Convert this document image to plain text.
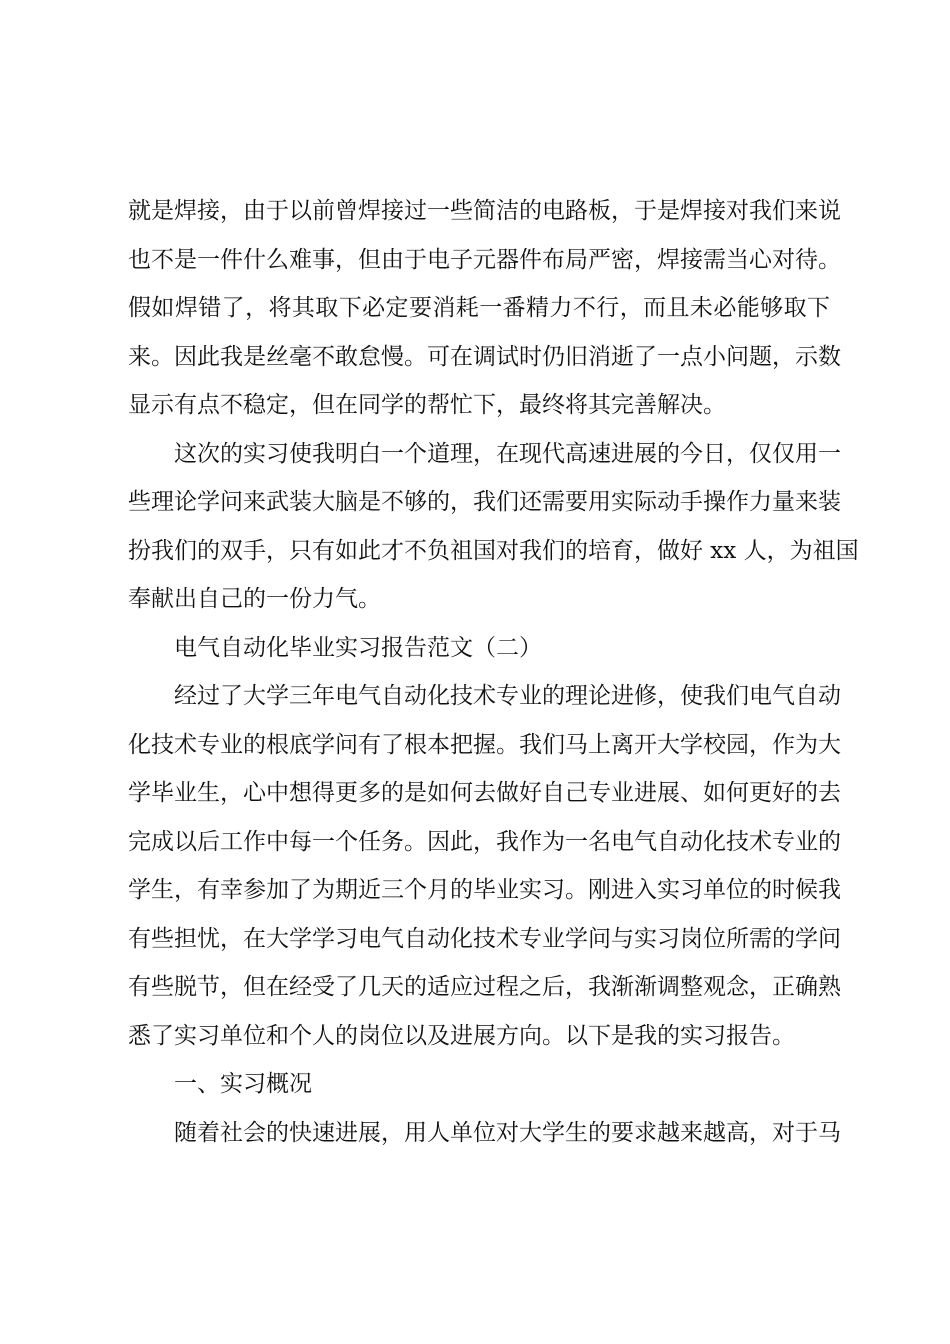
就是焊接，由于以前曾焊接过一些简洁的电路板，于是焊接对我们来说
也不是一件什么难事，但由于电子元器件布局严密，焊接需当心对待。
假如焊错了，将其取下必定要消耗一番精力不行，而且未必能够取下
来。因此我是丝毫不敢怠慢。可在调试时仍旧消逝了一点小问题，示数
显示有点不稳定，但在同学的帮忙下，最终将其完善解决。
这次的实习使我明白一个道理，在现代高速进展的今日，仅仅用一
些理论学问来武装大脑是不够的，我们还需要用实际动手操作力量来装
扮我们的双手，只有如此才不负祖国对我们的培育，做好 xx 人，为祖国
奉献出自己的一份力气。
电气自动化毕业实习报告范文（二）
经过了大学三年电气自动化技术专业的理论进修，使我们电气自动
化技术专业的根底学问有了根本把握。我们马上离开大学校园，作为大
学毕业生，心中想得更多的是如何去做好自己专业进展、如何更好的去
完成以后工作中每一个任务。因此，我作为一名电气自动化技术专业的
学生，有幸参加了为期近三个月的毕业实习。刚进入实习单位的时候我
有些担忧，在大学学习电气自动化技术专业学问与实习岗位所需的学问
有些脱节，但在经受了几天的适应过程之后，我渐渐调整观念，正确熟
悉了实习单位和个人的岗位以及进展方向。以下是我的实习报告。
一、实习概况
随着社会的快速进展，用人单位对大学生的要求越来越高，对于马
